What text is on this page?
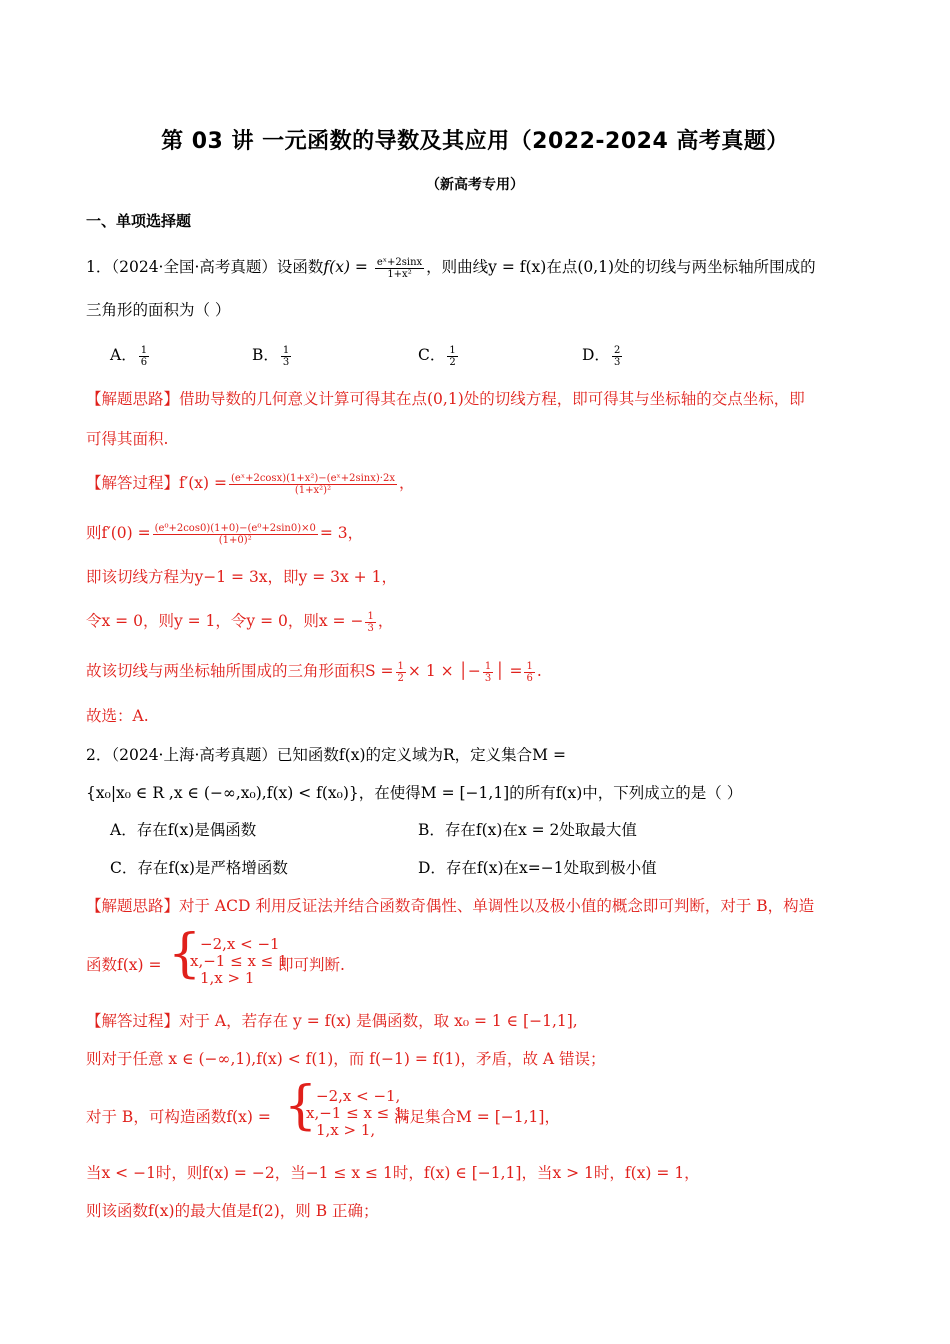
第 03 讲 一元函数的导数及其应用（2022-2024 高考真题）
（新高考专用）
一、单项选择题
1．（2024·全国·高考真题）设函数$f(x) = \frac{\text{eˣ+2sinx}}{\text{1+x²}}$ ，则曲线y = f(x)在点(0,1)处的切线与两坐标轴所围成的
三角形的面积为（ ）
A． $\frac{1}{6}$	B． $\frac{1}{3}$	C． $\frac{1}{2}$	D． $\frac{2}{3}$
【解题思路】借助导数的几何意义计算可得其在点(0,1)处的切线方程，即可得其与坐标轴的交点坐标，即
可得其面积.
【解答过程】$f'(x) = \frac{\text{(eˣ+2cosx)(1+x²)−(eˣ+2sinx)·2x}}{\text{(1+x²)²}}$ ，
则$f'(0) = \frac{\text{(e⁰+2cos0)(1+0)−(e⁰+2sin0)×0}}{\text{(1+0)²}} = 3$，
即该切线方程为y−1 = 3x，即y = 3x + 1，
令x = 0，则y = 1，令y = 0，则x = − $\frac{1}{3}$ ，
故该切线与两坐标轴所围成的三角形面积$S = \frac{1}{2} \times 1$ × │− $\frac{1}{3}$ │ = $\frac{1}{6}$ .
故选：A.
2．（2024·上海·高考真题）已知函数f(x)的定义域为R，定义集合M =
{x₀|x₀ ∈ R ,x ∈ (−∞,x₀),f(x) < f(x₀)}，在使得M = [−1,1]的所有f(x)中，下列成立的是（ ）
A．存在f(x)是偶函数	B．存在f(x)在x = 2处取最大值
C．存在f(x)是严格增函数	D．存在f(x)在x=−1处取到极小值
【解题思路】对于 ACD 利用反证法并结合函数奇偶性、单调性以及极小值的概念即可判断，对于 B，构造
函数f(x) = {
−2,x < −1
x,−1 ≤ x ≤ 1
1,x > 1
即可判断.
【解答过程】对于 A，若存在 y = f(x) 是偶函数，取 x₀ = 1 ∈ [−1,1],
则对于任意 x ∈ (−∞,1),f(x) < f(1)，而 f(−1) = f(1)，矛盾，故 A 错误；
对于 B，可构造函数f(x) = {
−2,x < −1,
x,−1 ≤ x ≤ 1,
1,x > 1,
满足集合M = [−1,1]，
当x < −1时，则f(x) = −2，当−1 ≤ x ≤ 1时，f(x) ∈ [−1,1]，当x > 1时，f(x) = 1，
则该函数f(x)的最大值是f(2)，则 B 正确；
